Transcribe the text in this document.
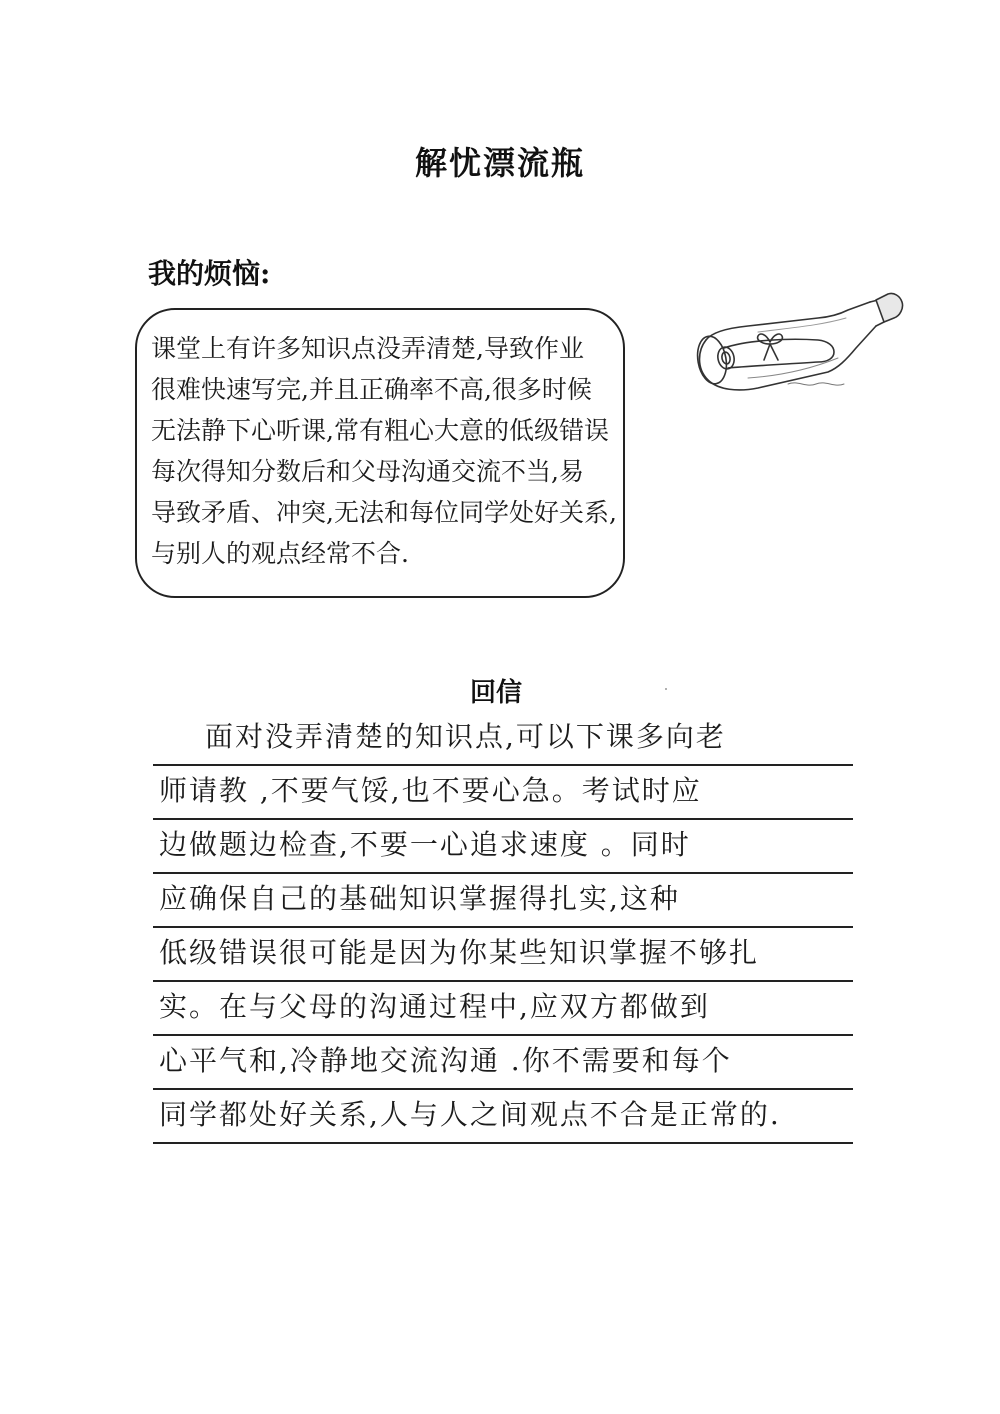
解忧漂流瓶
我的烦恼:
课堂上有许多知识点没弄清楚,导致作业
很难快速写完,并且正确率不高,很多时候
无法静下心听课,常有粗心大意的低级错误
每次得知分数后和父母沟通交流不当,易
导致矛盾、冲突,无法和每位同学处好关系,
与别人的观点经常不合.
回信
面对没弄清楚的知识点,可以下课多向老
师请教 ,不要气馁,也不要心急。考试时应
边做题边检查,不要一心追求速度 。同时
应确保自己的基础知识掌握得扎实,这种
低级错误很可能是因为你某些知识掌握不够扎
实。在与父母的沟通过程中,应双方都做到
心平气和,冷静地交流沟通 .你不需要和每个
同学都处好关系,人与人之间观点不合是正常的.
